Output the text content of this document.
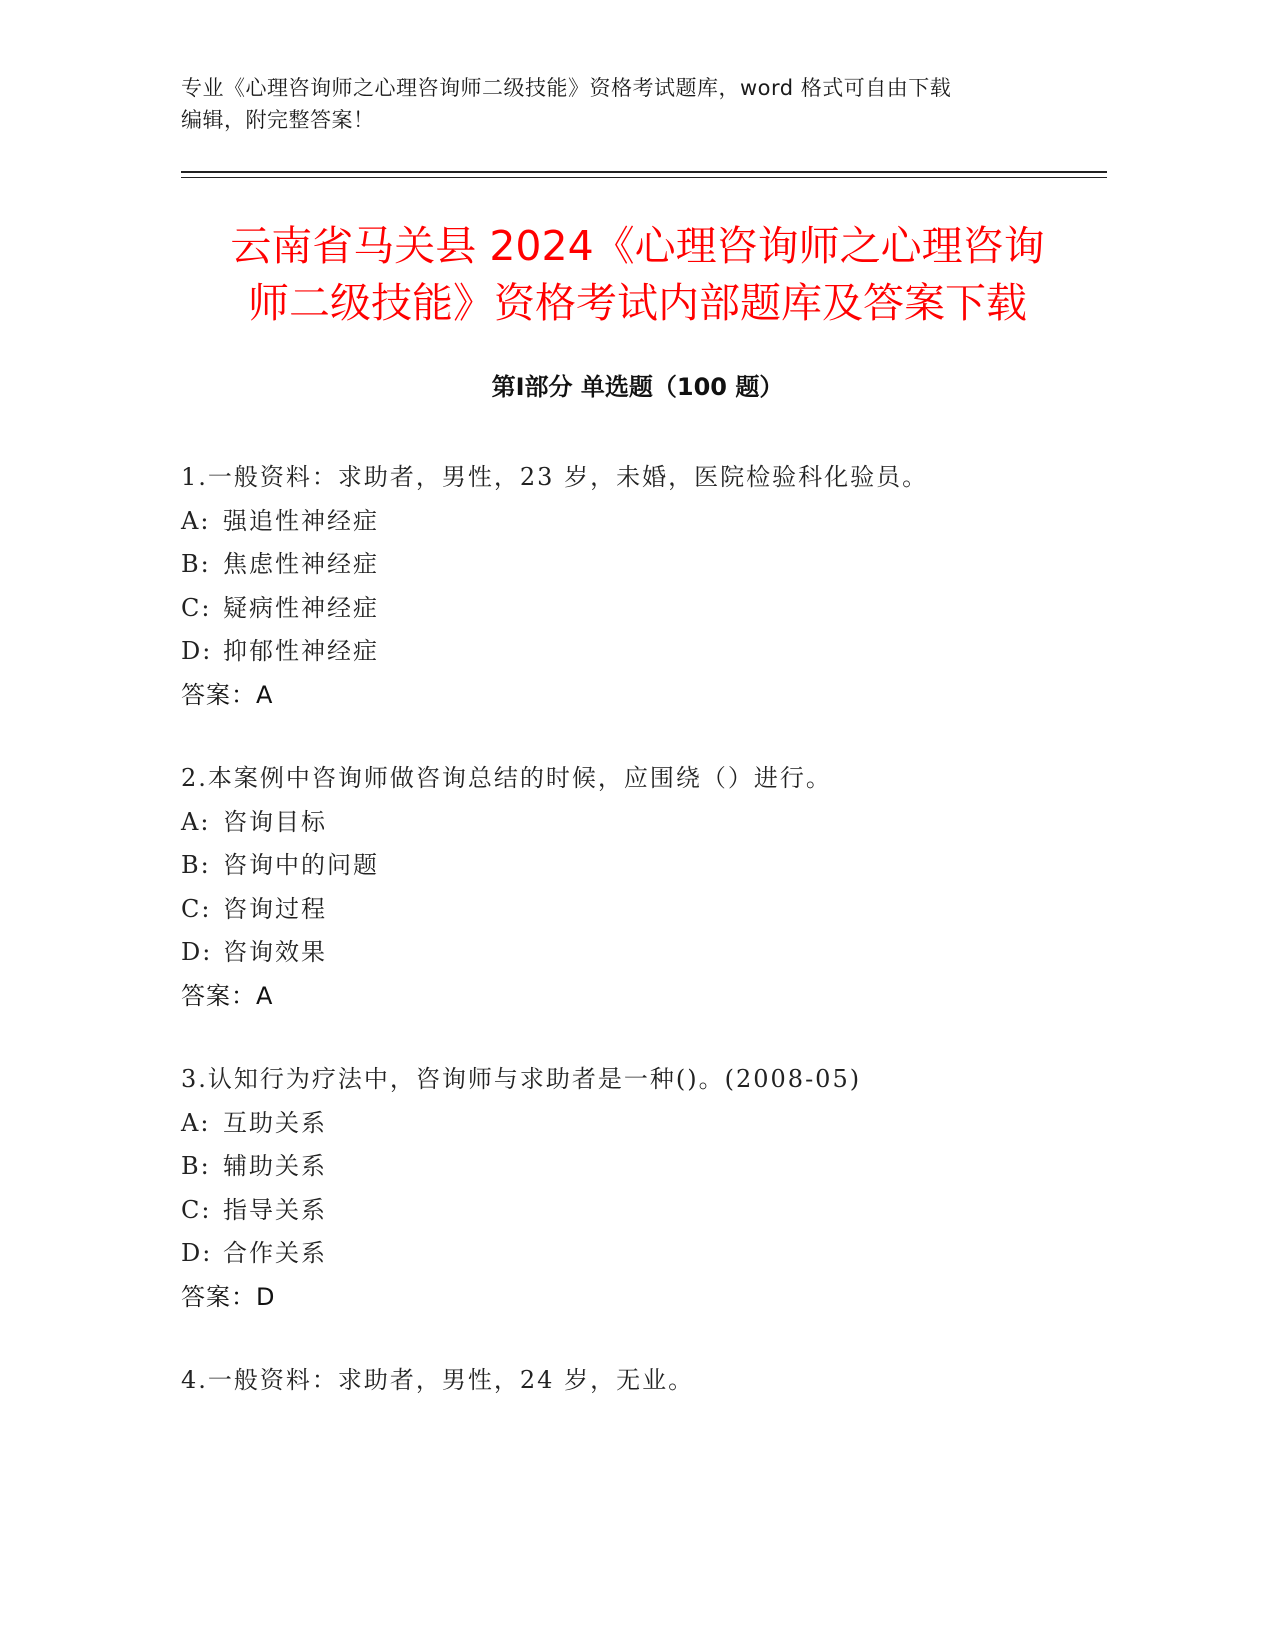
专业《心理咨询师之心理咨询师二级技能》资格考试题库，word 格式可自由下载
编辑，附完整答案！
云南省马关县 2024《心理咨询师之心理咨询
师二级技能》资格考试内部题库及答案下载
第Ⅰ部分 单选题（100 题）
1.一般资料：求助者，男性，23 岁，未婚，医院检验科化验员。
A: 强追性神经症
B: 焦虑性神经症
C: 疑病性神经症
D: 抑郁性神经症
答案：A
2.本案例中咨询师做咨询总结的时候，应围绕（）进行。
A: 咨询目标
B: 咨询中的问题
C: 咨询过程
D: 咨询效果
答案：A
3.认知行为疗法中，咨询师与求助者是一种()。(2008-05)
A: 互助关系
B: 辅助关系
C: 指导关系
D: 合作关系
答案：D
4.一般资料：求助者，男性，24 岁，无业。
